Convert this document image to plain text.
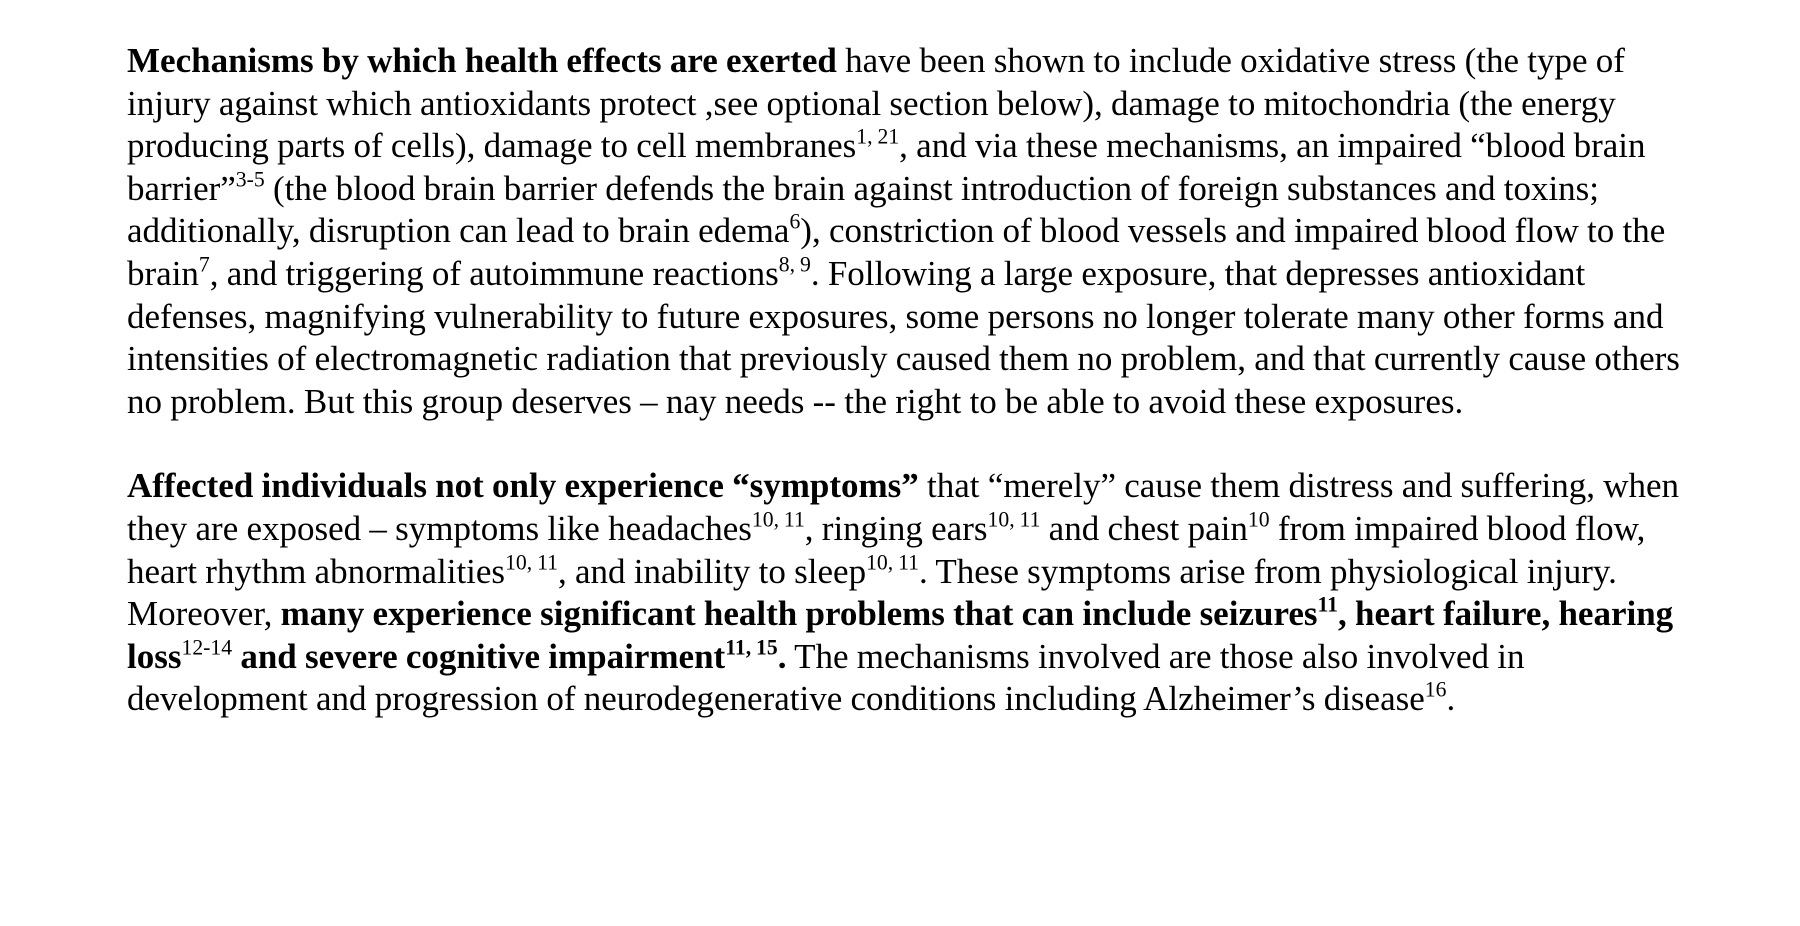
Mechanisms by which health effects are exerted have been shown to include oxidative stress (the type of injury against which antioxidants protect ,see optional section below), damage to mitochondria (the energy producing parts of cells), damage to cell membranes$^{1, 21}$, and via these mechanisms, an impaired “blood brain barrier”$^{3-5}$ (the blood brain barrier defends the brain against introduction of foreign substances and toxins; additionally, disruption can lead to brain edema$^6$), constriction of blood vessels and impaired blood flow to the brain$^7$, and triggering of autoimmune reactions$^{8, 9}$. Following a large exposure, that depresses antioxidant defenses, magnifying vulnerability to future exposures, some persons no longer tolerate many other forms and intensities of electromagnetic radiation that previously caused them no problem, and that currently cause others no problem. But this group deserves – nay needs -- the right to be able to avoid these exposures.

Affected individuals not only experience “symptoms” that “merely” cause them distress and suffering, when they are exposed – symptoms like headaches$^{10, 11}$, ringing ears$^{10, 11}$ and chest pain$^{10}$ from impaired blood flow, heart rhythm abnormalities$^{10, 11}$, and inability to sleep$^{10, 11}$. These symptoms arise from physiological injury. Moreover, many experience significant health problems that can include seizures$^{11}$, heart failure, hearing loss$^{12-14}$ and severe cognitive impairment$^{11, 15}$. The mechanisms involved are those also involved in development and progression of neurodegenerative conditions including Alzheimer’s disease$^{16}$.
